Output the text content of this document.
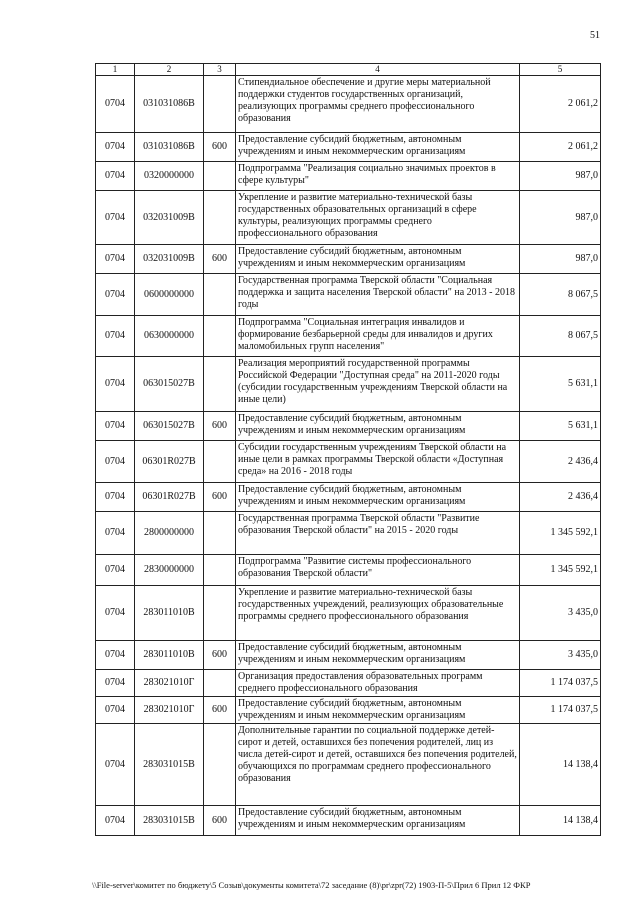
51
1	2	3	4	5
0704	031031086В		Стипендиальное обеспечение и другие меры материальной поддержки студентов государственных организаций, реализующих программы среднего профессионального образования	2 061,2
0704	031031086В	600	Предоставление субсидий бюджетным, автономным учреждениям и иным некоммерческим организациям	2 061,2
0704	0320000000		Подпрограмма "Реализация социально значимых проектов в сфере культуры"	987,0
0704	032031009В		Укрепление и развитие материально-технической базы государственных образовательных организаций в сфере культуры, реализующих программы среднего профессионального образования	987,0
0704	032031009В	600	Предоставление субсидий бюджетным, автономным учреждениям и иным некоммерческим организациям	987,0
0704	0600000000		Государственная программа Тверской области "Социальная поддержка и защита населения Тверской области" на 2013 - 2018 годы	8 067,5
0704	0630000000		Подпрограмма "Социальная интеграция инвалидов и формирование безбарьерной среды для инвалидов и других маломобильных групп населения"	8 067,5
0704	063015027В		Реализация мероприятий государственной программы Российской Федерации "Доступная среда" на 2011-2020 годы (субсидии государственным учреждениям Тверской области на иные цели)	5 631,1
0704	063015027В	600	Предоставление субсидий бюджетным, автономным учреждениям и иным некоммерческим организациям	5 631,1
0704	06301R027В		Субсидии государственным учреждениям Тверской области на иные цели в рамках программы Тверской области «Доступная среда» на 2016 - 2018 годы	2 436,4
0704	06301R027В	600	Предоставление субсидий бюджетным, автономным учреждениям и иным некоммерческим организациям	2 436,4
0704	2800000000		Государственная программа Тверской области "Развитие образования Тверской области" на 2015 - 2020 годы	1 345 592,1
0704	2830000000		Подпрограмма "Развитие системы профессионального образования Тверской области"	1 345 592,1
0704	283011010В		Укрепление и развитие материально-технической базы государственных учреждений, реализующих образовательные программы среднего профессионального образования	3 435,0
0704	283011010В	600	Предоставление субсидий бюджетным, автономным учреждениям и иным некоммерческим организациям	3 435,0
0704	283021010Г		Организация предоставления образовательных программ среднего профессионального образования	1 174 037,5
0704	283021010Г	600	Предоставление субсидий бюджетным, автономным учреждениям и иным некоммерческим организациям	1 174 037,5
0704	283031015В		Дополнительные гарантии по социальной поддержке детей-сирот и детей, оставшихся без попечения родителей, лиц из числа детей-сирот и детей, оставшихся без попечения родителей, обучающихся по программам среднего профессионального образования	14 138,4
0704	283031015В	600	Предоставление субсидий бюджетным, автономным учреждениям и иным некоммерческим организациям	14 138,4
\\File-server\комитет по бюджету\5 Созыв\документы комитета\72 заседание (8)\pr\zpr(72) 1903-П-5\Прил 6 Прил 12 ФКР
